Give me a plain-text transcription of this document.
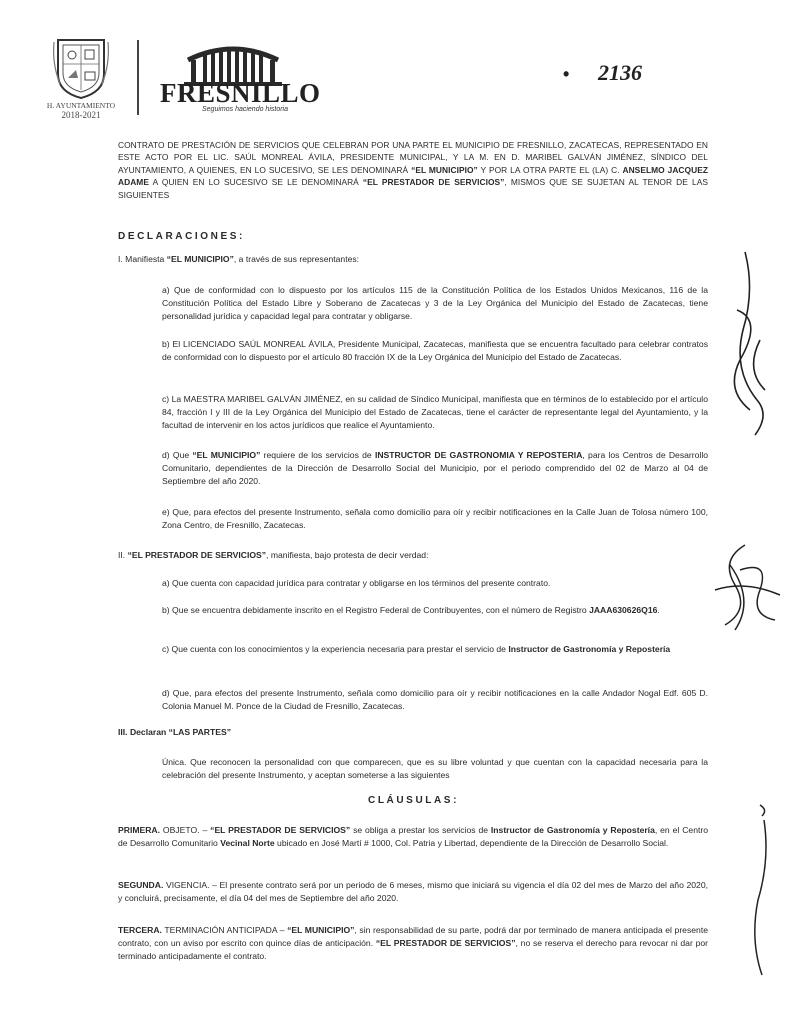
H. AYUNTAMIENTO
2018-2021
FRESNILLO
Seguimos haciendo historia
• 2136

CONTRATO DE PRESTACIÓN DE SERVICIOS QUE CELEBRAN POR UNA PARTE EL MUNICIPIO DE FRESNILLO, ZACATECAS, REPRESENTADO EN ESTE ACTO POR EL LIC. SAÚL MONREAL ÁVILA, PRESIDENTE MUNICIPAL, Y LA M. EN D. MARIBEL GALVÁN JIMÉNEZ, SÍNDICO DEL AYUNTAMIENTO, A QUIENES, EN LO SUCESIVO, SE LES DENOMINARÁ “EL MUNICIPIO” Y POR LA OTRA PARTE EL (LA) C. ANSELMO JACQUEZ ADAME A QUIEN EN LO SUCESIVO SE LE DENOMINARÁ “EL PRESTADOR DE SERVICIOS”, MISMOS QUE SE SUJETAN AL TENOR DE LAS SIGUIENTES

DECLARACIONES:

I. Manifiesta “EL MUNICIPIO”, a través de sus representantes:

a) Que de conformidad con lo dispuesto por los artículos 115 de la Constitución Política de los Estados Unidos Mexicanos, 116 de la Constitución Política del Estado Libre y Soberano de Zacatecas y 3 de la Ley Orgánica del Municipio del Estado de Zacatecas, tiene personalidad jurídica y capacidad legal para contratar y obligarse.

b) El LICENCIADO SAÚL MONREAL ÁVILA, Presidente Municipal, Zacatecas, manifiesta que se encuentra facultado para celebrar contratos de conformidad con lo dispuesto por el artículo 80 fracción IX de la Ley Orgánica del Municipio del Estado de Zacatecas.

c) La MAESTRA MARIBEL GALVÁN JIMÉNEZ, en su calidad de Síndico Municipal, manifiesta que en términos de lo establecido por el artículo 84, fracción I y III de la Ley Orgánica del Municipio del Estado de Zacatecas, tiene el carácter de representante legal del Ayuntamiento, y la facultad de intervenir en los actos jurídicos que realice el Ayuntamiento.

d) Que “EL MUNICIPIO” requiere de los servicios de INSTRUCTOR DE GASTRONOMIA Y REPOSTERIA, para los Centros de Desarrollo Comunitario, dependientes de la Dirección de Desarrollo Social del Municipio, por el periodo comprendido del 02 de Marzo al 04 de Septiembre del año 2020.

e) Que, para efectos del presente Instrumento, señala como domicilio para oír y recibir notificaciones en la Calle Juan de Tolosa número 100, Zona Centro, de Fresnillo, Zacatecas.

II. “EL PRESTADOR DE SERVICIOS”, manifiesta, bajo protesta de decir verdad:

a) Que cuenta con capacidad jurídica para contratar y obligarse en los términos del presente contrato.

b) Que se encuentra debidamente inscrito en el Registro Federal de Contribuyentes, con el número de Registro JAAA630626Q16.

c) Que cuenta con los conocimientos y la experiencia necesaria para prestar el servicio de Instructor de Gastronomía y Repostería

d) Que, para efectos del presente Instrumento, señala como domicilio para oír y recibir notificaciones en la calle Andador Nogal Edf. 605 D. Colonia Manuel M. Ponce de la Ciudad de Fresnillo, Zacatecas.

III. Declaran “LAS PARTES”

Única. Que reconocen la personalidad con que comparecen, que es su libre voluntad y que cuentan con la capacidad necesaria para la celebración del presente Instrumento, y aceptan someterse a las siguientes

CLÁUSULAS:

PRIMERA. OBJETO. – “EL PRESTADOR DE SERVICIOS” se obliga a prestar los servicios de Instructor de Gastronomía y Repostería, en el Centro de Desarrollo Comunitario Vecinal Norte ubicado en José Martí # 1000, Col. Patria y Libertad, dependiente de la Dirección de Desarrollo Social.

SEGUNDA. VIGENCIA. – El presente contrato será por un periodo de 6 meses, mismo que iniciará su vigencia el día 02 del mes de Marzo del año 2020, y concluirá, precisamente, el día 04 del mes de Septiembre del año 2020.

TERCERA. TERMINACIÓN ANTICIPADA – “EL MUNICIPIO”, sin responsabilidad de su parte, podrá dar por terminado de manera anticipada el presente contrato, con un aviso por escrito con quince días de anticipación. “EL PRESTADOR DE SERVICIOS”, no se reserva el derecho para revocar ni dar por terminado anticipadamente el contrato.
